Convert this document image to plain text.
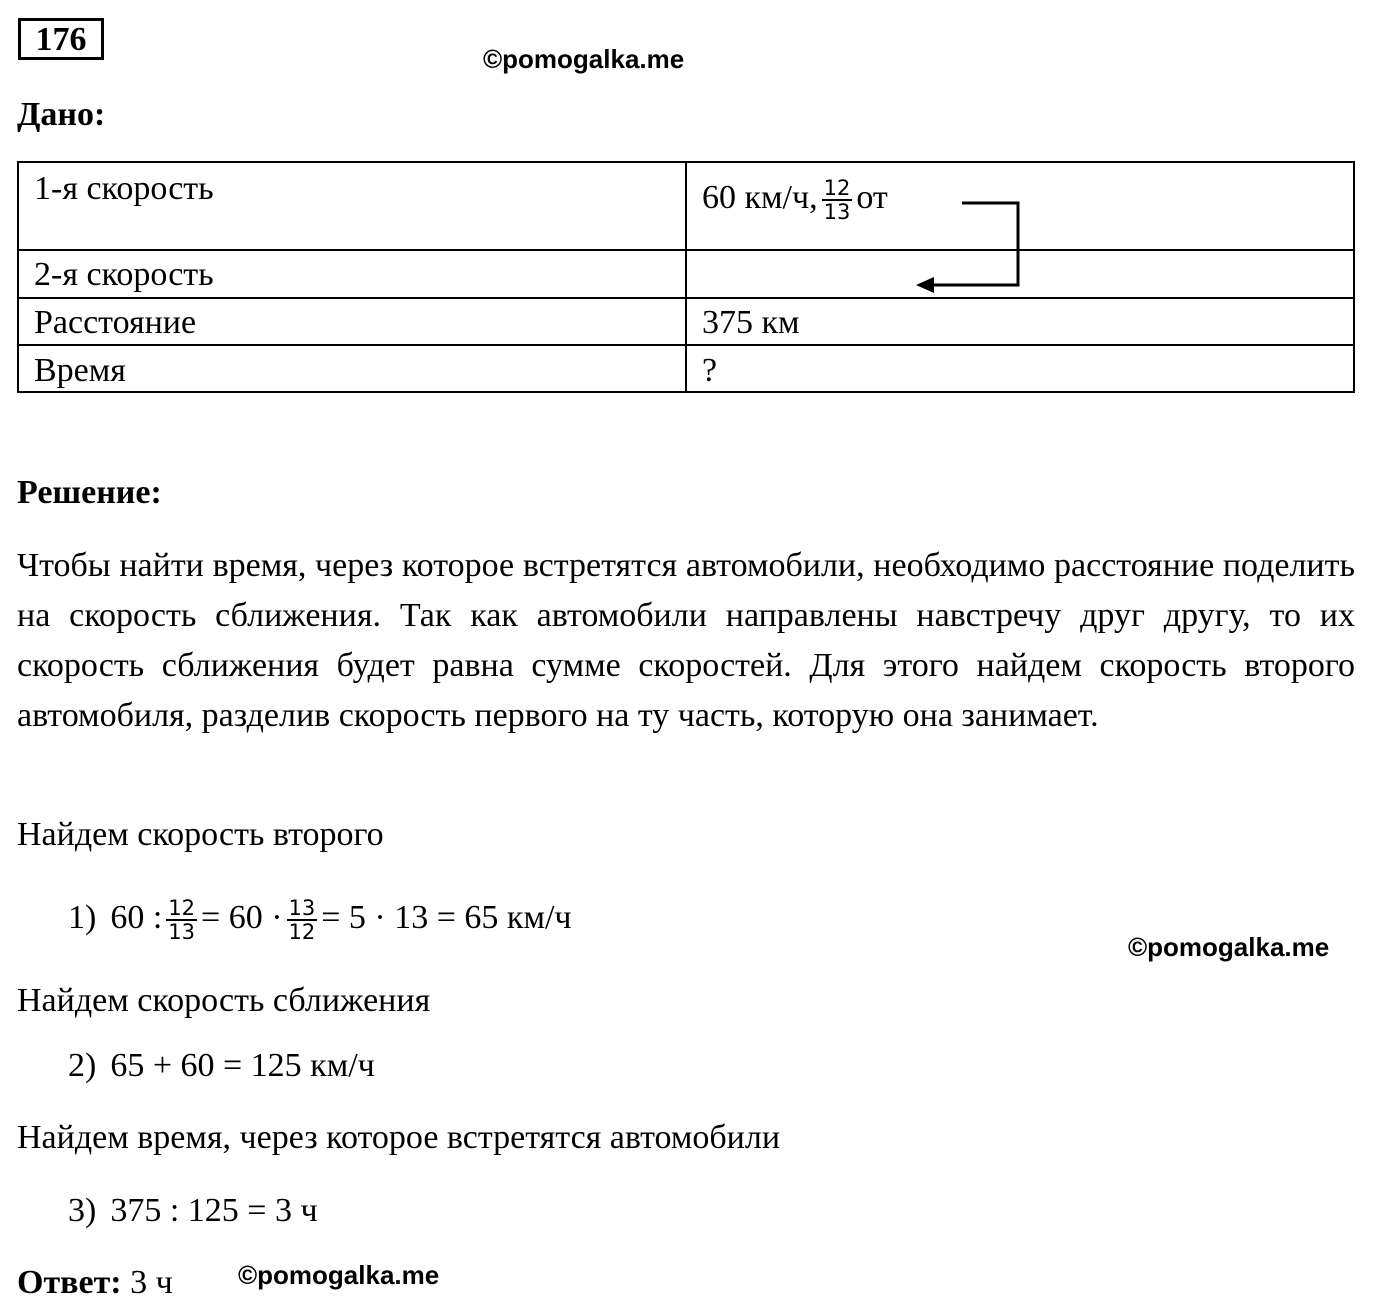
176
©pomogalka.me
©pomogalka.me
©pomogalka.me
Дано:
1-я скорость	60 км/ч, $\frac{12}{13}$ от
2-я скорость
Расстояние	375 км
Время	?
Решение:
Чтобы найти время, через которое встретятся автомобили, необходимо расстояние поделить на скорость сближения. Так как автомобили направлены навстречу друг другу, то их скорость сближения будет равна сумме скоростей. Для этого найдем скорость второго автомобиля, разделив скорость первого на ту часть, которую она занимает.
Найдем скорость второго
1) 60 : $\frac{12}{13} = 60 \cdot \frac{13}{12} = 5 \cdot 13 = 65$ км/ч
Найдем скорость сближения
2) 65 + 60 = 125 км/ч
Найдем время, через которое встретятся автомобили
3) 375 : 125 = 3 ч
Ответ: 3 ч
